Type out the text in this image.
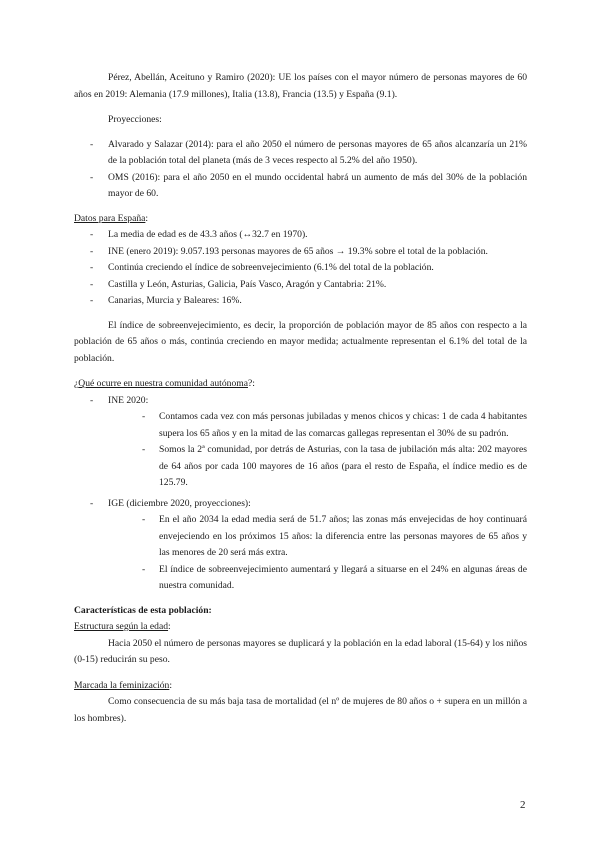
Pérez, Abellán, Aceituno y Ramiro (2020): UE los países con el mayor número de personas mayores de 60 años en 2019: Alemania (17.9 millones), Italia (13.8), Francia (13.5) y España (9.1).

Proyecciones:

- Alvarado y Salazar (2014): para el año 2050 el número de personas mayores de 65 años alcanzaría un 21% de la población total del planeta (más de 3 veces respecto al 5.2% del año 1950).
- OMS (2016): para el año 2050 en el mundo occidental habrá un aumento de más del 30% de la población mayor de 60.

Datos para España:

- La media de edad es de 43.3 años (↔32.7 en 1970).
- INE (enero 2019): 9.057.193 personas mayores de 65 años → 19.3% sobre el total de la población.
- Continúa creciendo el índice de sobreenvejecimiento (6.1% del total de la población.
- Castilla y León, Asturias, Galicia, País Vasco, Aragón y Cantabria: 21%.
- Canarias, Murcia y Baleares: 16%.

El índice de sobreenvejecimiento, es decir, la proporción de población mayor de 85 años con respecto a la población de 65 años o más, continúa creciendo en mayor medida; actualmente representan el 6.1% del total de la población.

¿Qué ocurre en nuestra comunidad autónoma?:

- INE 2020:
- Contamos cada vez con más personas jubiladas y menos chicos y chicas: 1 de cada 4 habitantes supera los 65 años y en la mitad de las comarcas gallegas representan el 30% de su padrón.
- Somos la 2ª comunidad, por detrás de Asturias, con la tasa de jubilación más alta: 202 mayores de 64 años por cada 100 mayores de 16 años (para el resto de España, el índice medio es de 125.79.
- IGE (diciembre 2020, proyecciones):
- En el año 2034 la edad media será de 51.7 años; las zonas más envejecidas de hoy continuará envejeciendo en los próximos 15 años: la diferencia entre las personas mayores de 65 años y las menores de 20 será más extra.
- El índice de sobreenvejecimiento aumentará y llegará a situarse en el 24% en algunas áreas de nuestra comunidad.

Características de esta población:

Estructura según la edad:

Hacia 2050 el número de personas mayores se duplicará y la población en la edad laboral (15-64) y los niños (0-15) reducirán su peso.

Marcada la feminización:

Como consecuencia de su más baja tasa de mortalidad (el nº de mujeres de 80 años o + supera en un millón a los hombres).

2
